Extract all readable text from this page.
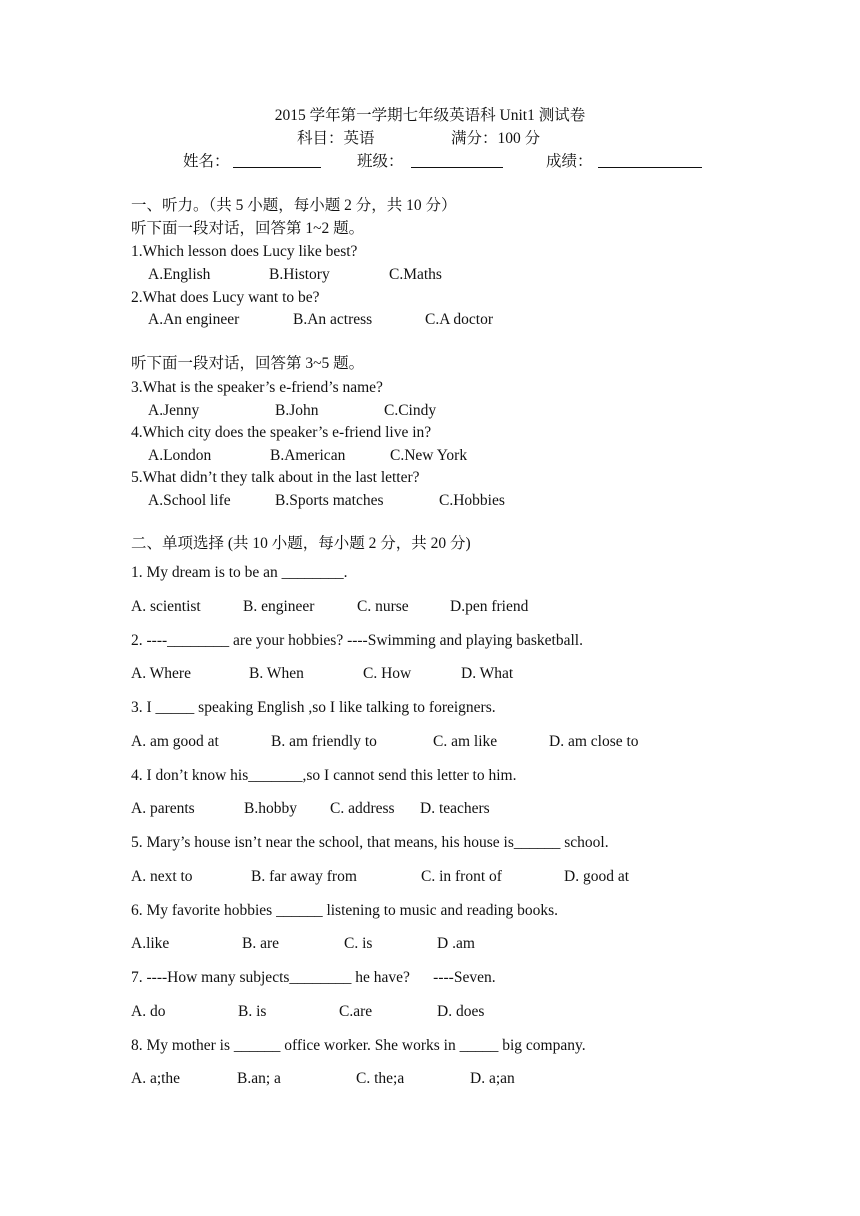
2015 学年第一学期七年级英语科 Unit1 测试卷
科目：英语	满分：100 分
姓名：	班级：	成绩：
一、听力。（共 5 小题，每小题 2 分，共 10 分）
听下面一段对话，回答第 1~2 题。
1.Which lesson does Lucy like best?
A.English	B.History	C.Maths
2.What does Lucy want to be?
A.An engineer	B.An actress	C.A doctor
听下面一段对话，回答第 3~5 题。
3.What is the speaker’s e-friend’s name?
A.Jenny	B.John	C.Cindy
4.Which city does the speaker’s e-friend live in?
A.London	B.American	C.New York
5.What didn’t they talk about in the last letter?
A.School life	B.Sports matches	C.Hobbies
二、单项选择 (共 10 小题，每小题 2 分，共 20 分)
1. My dream is to be an ________.
A. scientist	B. engineer	C. nurse	D.pen friend
2. ----________ are your hobbies? ----Swimming and playing basketball.
A. Where	B. When	C. How	D. What
3. I _____ speaking English ,so I like talking to foreigners.
A. am good at	B. am friendly to	C. am like	D. am close to
4. I don’t know his_______,so I cannot send this letter to him.
A. parents	B.hobby C. address D. teachers
5. Mary’s house isn’t near the school, that means, his house is______ school.
A. next to	B. far away from	C. in front of	D. good at
6. My favorite hobbies ______ listening to music and reading books.
A.like	B. are	C. is	D .am
7. ----How many subjects________ he have?      ----Seven.
A. do	B. is	C.are	D. does
8. My mother is ______ office worker. She works in _____ big company.
A. a;the	B.an; a	C. the;a	D. a;an
